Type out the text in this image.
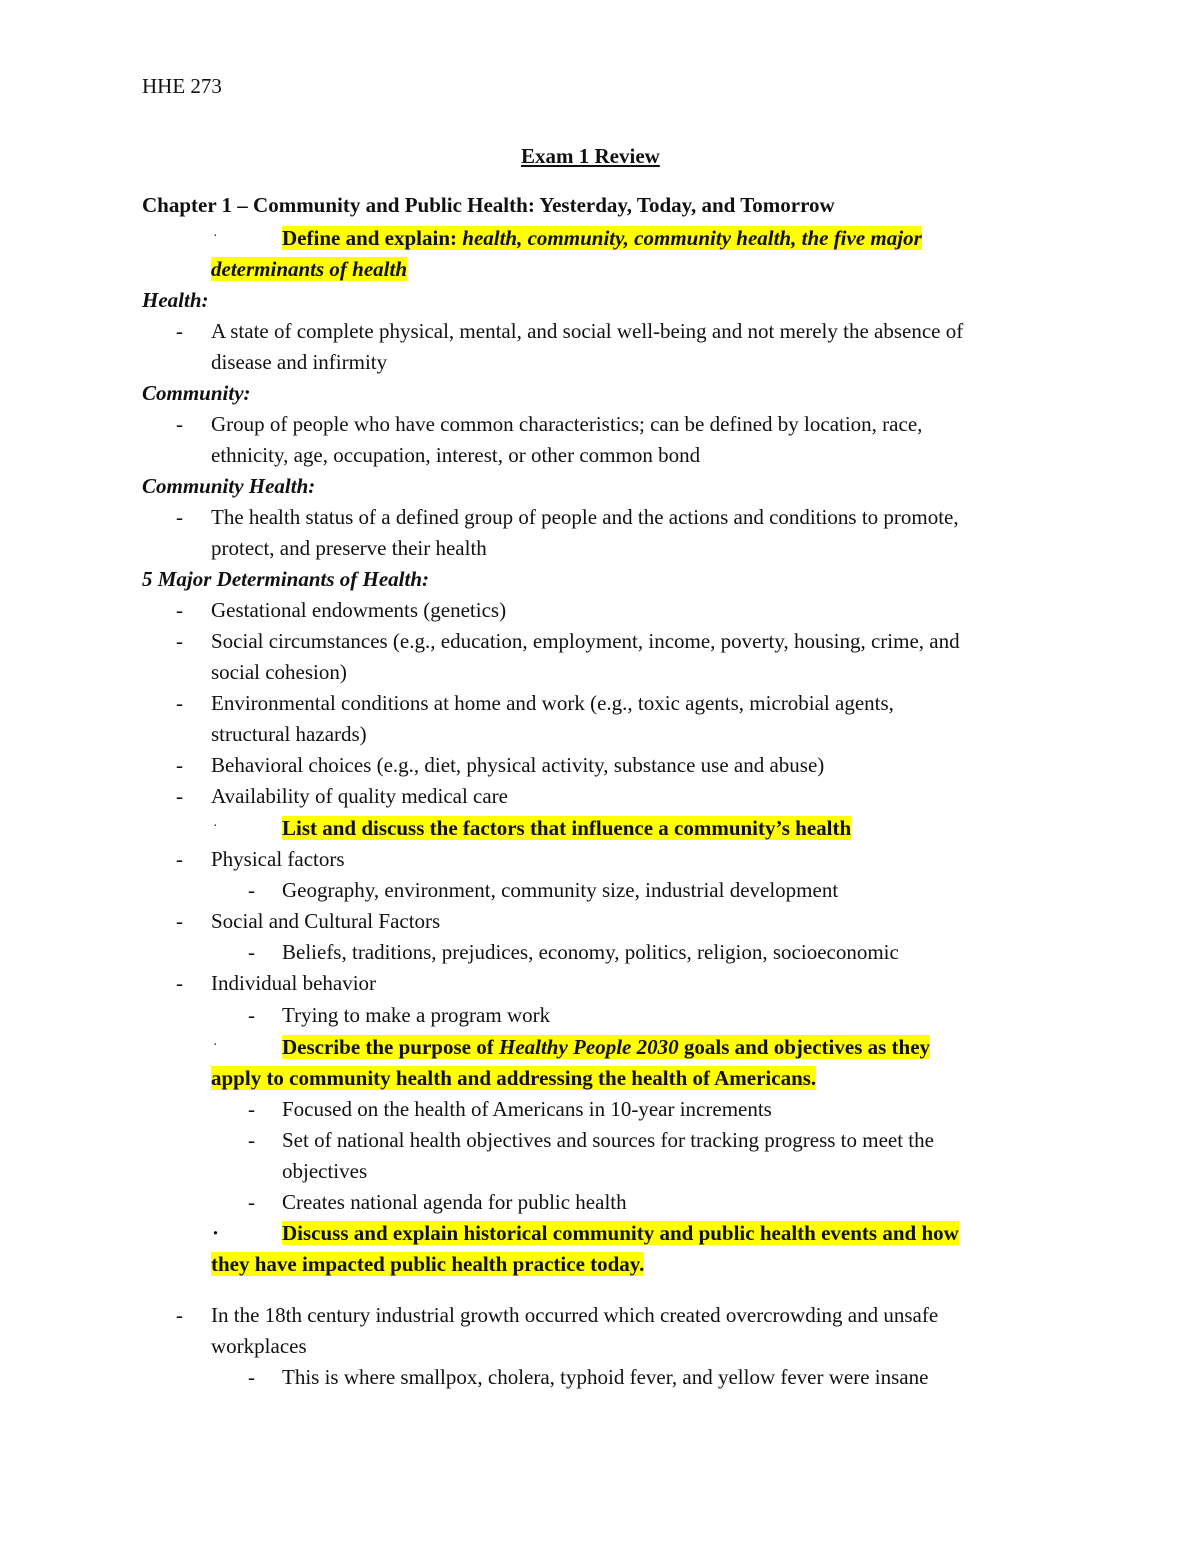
HHE 273
Exam 1 Review
Chapter 1 – Community and Public Health: Yesterday, Today, and Tomorrow
·	Define and explain: health, community, community health, the five major
determinants of health
Health:
- A state of complete physical, mental, and social well-being and not merely the absence of
disease and infirmity
Community:
- Group of people who have common characteristics; can be defined by location, race,
ethnicity, age, occupation, interest, or other common bond
Community Health:
- The health status of a defined group of people and the actions and conditions to promote,
protect, and preserve their health
5 Major Determinants of Health:
- Gestational endowments (genetics)
- Social circumstances (e.g., education, employment, income, poverty, housing, crime, and
social cohesion)
- Environmental conditions at home and work (e.g., toxic agents, microbial agents,
structural hazards)
- Behavioral choices (e.g., diet, physical activity, substance use and abuse)
- Availability of quality medical care
·	List and discuss the factors that influence a community’s health
- Physical factors
- Geography, environment, community size, industrial development
- Social and Cultural Factors
- Beliefs, traditions, prejudices, economy, politics, religion, socioeconomic
- Individual behavior
- Trying to make a program work
·	Describe the purpose of Healthy People 2030 goals and objectives as they
apply to community health and addressing the health of Americans.
- Focused on the health of Americans in 10-year increments
- Set of national health objectives and sources for tracking progress to meet the
objectives
- Creates national agenda for public health
·	Discuss and explain historical community and public health events and how
they have impacted public health practice today.
- In the 18th century industrial growth occurred which created overcrowding and unsafe
workplaces
- This is where smallpox, cholera, typhoid fever, and yellow fever were insane
